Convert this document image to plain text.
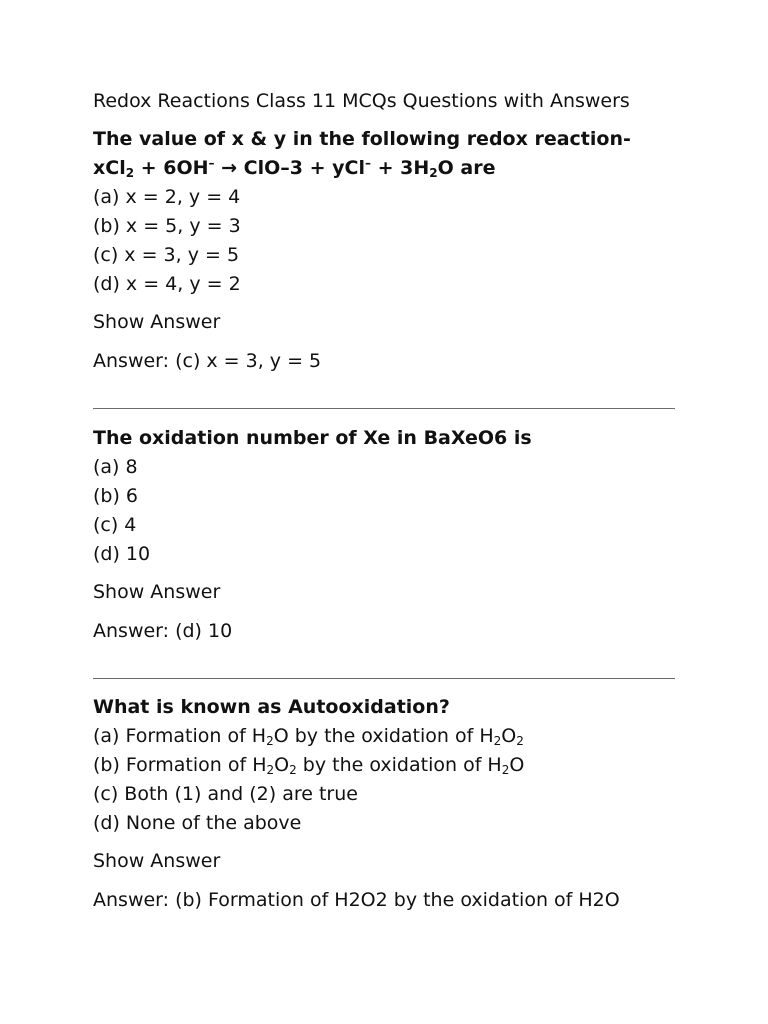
Redox Reactions Class 11 MCQs Questions with Answers
The value of x & y in the following redox reaction-
$xCl_2 + 6OH^- \to ClO-3 + yCl^- + 3H_2O$ are
(a) x = 2, y = 4
(b) x = 5, y = 3
(c) x = 3, y = 5
(d) x = 4, y = 2
Show Answer
Answer: (c) x = 3, y = 5
The oxidation number of Xe in BaXeO6 is
(a) 8
(b) 6
(c) 4
(d) 10
Show Answer
Answer: (d) 10
What is known as Autooxidation?
(a) Formation of $H_2O$ by the oxidation of $H_2O_2$
(b) Formation of $H_2O_2$ by the oxidation of $H_2O$
(c) Both (1) and (2) are true
(d) None of the above
Show Answer
Answer: (b) Formation of H2O2 by the oxidation of H2O
